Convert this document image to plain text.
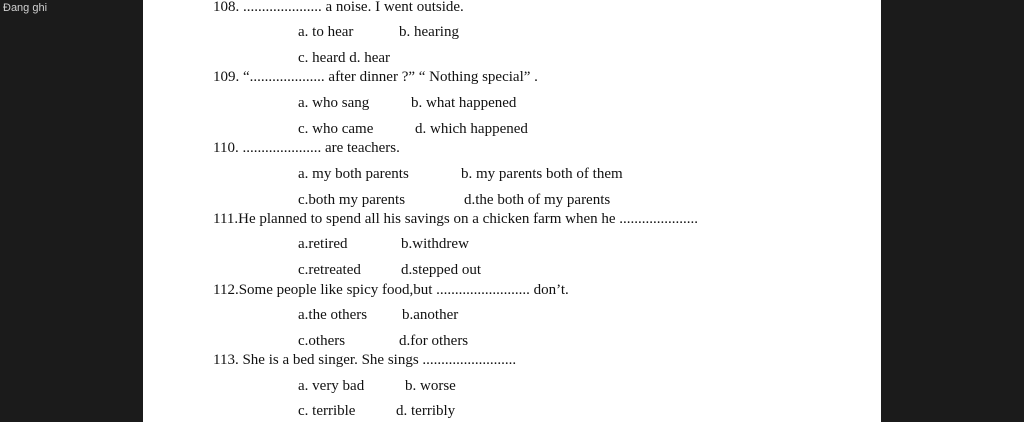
Đang ghi	108. ..................... a noise. I went outside.
a. to hear	b. hearing
c. heard d. hear
109. “.................... after dinner ?” “ Nothing special” .
a. who sang	b. what happened
c. who came	d. which happened
110. ..................... are teachers.
a. my both parents	b. my parents both of them
c.both my parents	d.the both of my parents
111.He planned to spend all his savings on a chicken farm when he .....................
a.retired	b.withdrew
c.retreated	d.stepped out
112.Some people like spicy food,but ......................... don’t.
a.the others b.another
c.others	d.for others
113. She is a bed singer. She sings .........................
a. very bad	b. worse
c. terrible	d. terribly
